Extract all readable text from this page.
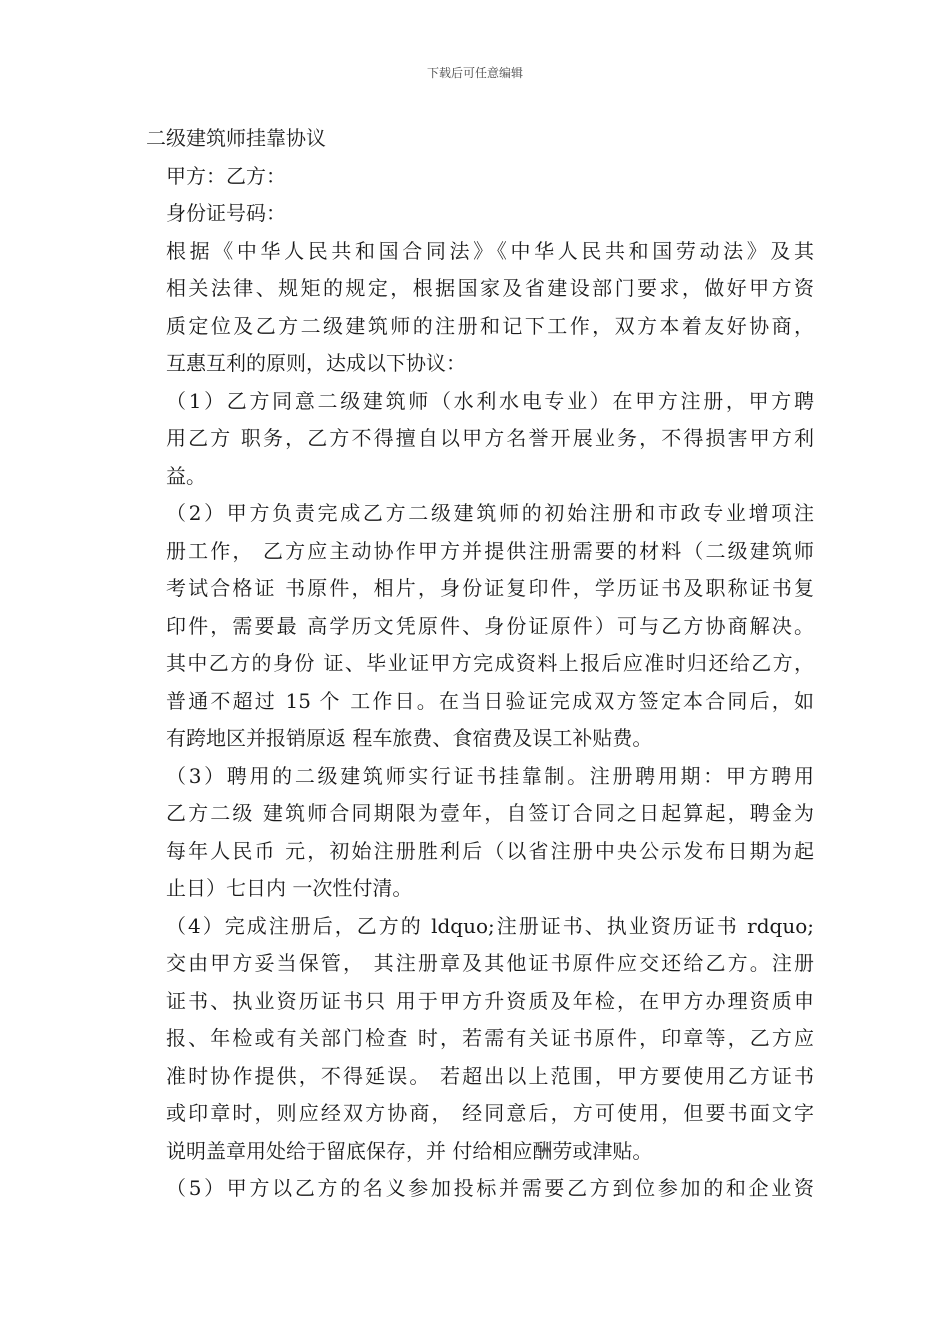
下载后可任意编辑

二级建筑师挂靠协议

甲方：乙方：

身份证号码：

根据《中华人民共和国合同法》《中华人民共和国劳动法》及其
相关法律、规矩的规定，根据国家及省建设部门要求，做好甲方资
质定位及乙方二级建筑师的注册和记下工作，双方本着友好协商，
互惠互利的原则，达成以下协议：

（1）乙方同意二级建筑师（水利水电专业）在甲方注册，甲方聘
用乙方 职务，乙方不得擅自以甲方名誉开展业务，不得损害甲方利
益。

（2）甲方负责完成乙方二级建筑师的初始注册和市政专业增项注
册工作， 乙方应主动协作甲方并提供注册需要的材料（二级建筑师
考试合格证 书原件，相片，身份证复印件，学历证书及职称证书复
印件，需要最 高学历文凭原件、身份证原件）可与乙方协商解决。
其中乙方的身份 证、毕业证甲方完成资料上报后应准时归还给乙方，
普通不超过 15 个 工作日。在当日验证完成双方签定本合同后，如
有跨地区并报销原返 程车旅费、食宿费及误工补贴费。

（3）聘用的二级建筑师实行证书挂靠制。注册聘用期：甲方聘用
乙方二级 建筑师合同期限为壹年，自签订合同之日起算起，聘金为
每年人民币 元，初始注册胜利后（以省注册中央公示发布日期为起
止日）七日内 一次性付清。

（4）完成注册后，乙方的 ldquo;注册证书、执业资历证书 rdquo;
交由甲方妥当保管， 其注册章及其他证书原件应交还给乙方。注册
证书、执业资历证书只 用于甲方升资质及年检，在甲方办理资质申
报、年检或有关部门检查 时，若需有关证书原件，印章等，乙方应
准时协作提供，不得延误。 若超出以上范围，甲方要使用乙方证书
或印章时，则应经双方协商， 经同意后，方可使用，但要书面文字
说明盖章用处给于留底保存，并 付给相应酬劳或津贴。

（5）甲方以乙方的名义参加投标并需要乙方到位参加的和企业资
